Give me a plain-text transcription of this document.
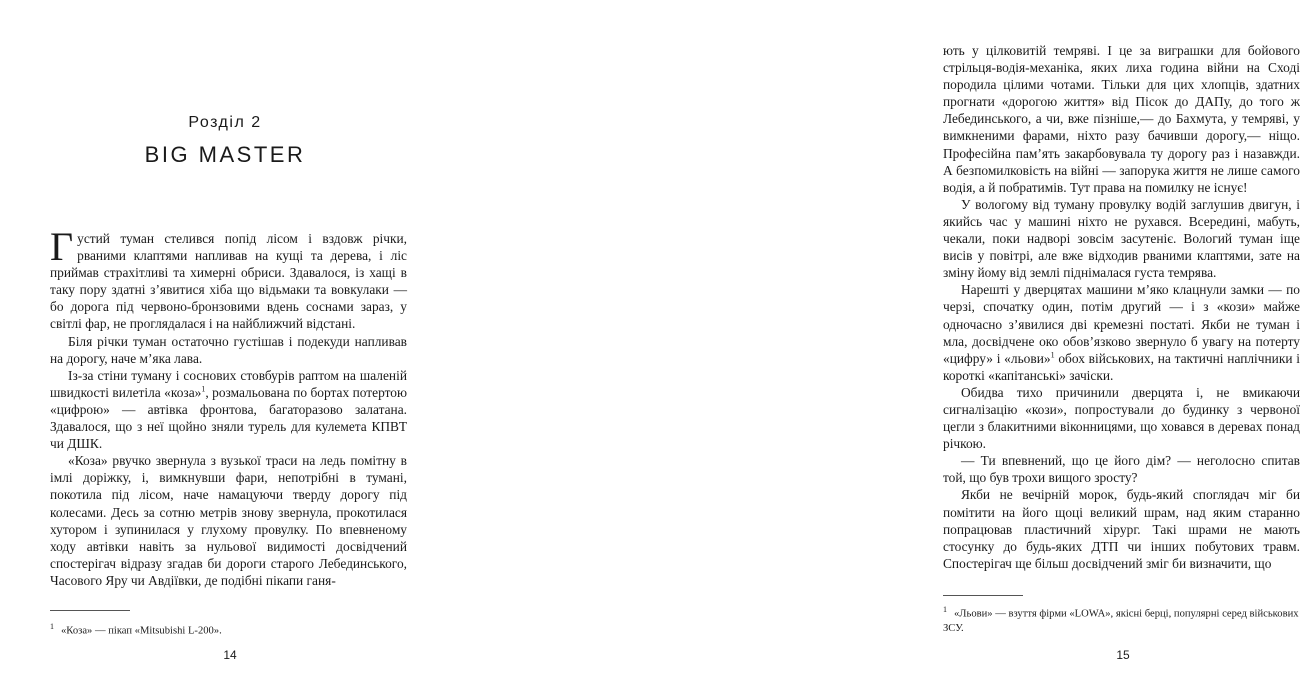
Розділ 2
BIG MASTER

Густий туман стелився попід лісом і вздовж річки, рваними клаптями напливав на кущі та дерева, і ліс приймав страхітливі та химерні обриси. Здавалося, із хащі в таку пору здатні з’явитися хіба що відьмаки та вовкулаки — бо дорога під червоно-бронзовими вдень соснами зараз, у світлі фар, не проглядалася і на найближчий відстані.

Біля річки туман остаточно густішав і подекуди напливав на дорогу, наче м’яка лава.

Із-за стіни туману і соснових стовбурів раптом на шаленій швидкості вилетіла «коза»$^1$, розмальована по бортах потертою «цифрою» — автівка фронтова, багаторазово залатана. Здавалося, що з неї щойно зняли турель для кулемета КПВТ чи ДШК.

«Коза» рвучко звернула з вузької траси на ледь помітну в імлі доріжку, і, вимкнувши фари, непотрібні в тумані, покотила під лісом, наче намацуючи тверду дорогу під колесами. Десь за сотню метрів знову звернула, прокотилася хутором і зупинилася у глухому провулку. По впевненому ходу автівки навіть за нульової видимості досвідчений спостерігач відразу згадав би дороги старого Лебединського, Часового Яру чи Авдіївки, де подібні пікапи ганя-

$^1$ «Коза» — пікап «Mitsubishi L-200».
14

ють у цілковитій темряві. І це за виграшки для бойового стрільця-водія-механіка, яких лиха година війни на Сході породила цілими чотами. Тільки для цих хлопців, здатних прогнати «дорогою життя» від Пісок до ДАПу, до того ж Лебединського, а чи, вже пізніше,— до Бахмута, у темряві, у вимкненими фарами, ніхто разу бачивши дорогу,— ніщо. Професійна пам’ять закарбовувала ту дорогу раз і назавжди. А безпомилковість на війні — запорука життя не лише самого водія, а й побратимів. Тут права на помилку не існує!

У вологому від туману провулку водій заглушив двигун, і якийсь час у машині ніхто не рухався. Всередині, мабуть, чекали, поки надворі зовсім засутеніє. Вологий туман іще висів у повітрі, але вже відходив рваними клаптями, зате на зміну йому від землі піднімалася густа темрява.

Нарешті у дверцятах машини м’яко клацнули замки — по черзі, спочатку один, потім другий — і з «кози» майже одночасно з’явилися дві кремезні постаті. Якби не туман і мла, досвідчене око обов’язково звернуло б увагу на потерту «цифру» і «льови»$^1$ обох військових, на тактичні наплічники і короткі «капітанські» зачіски.

Обидва тихо причинили дверцята і, не вмикаючи сигналізацію «кози», попростували до будинку з червоної цегли з блакитними віконницями, що ховався в деревах понад річкою.

— Ти впевнений, що це його дім? — неголосно спитав той, що був трохи вищого зросту?

Якби не вечірній морок, будь-який споглядач міг би помітити на його щоці великий шрам, над яким старанно попрацював пластичний хірург. Такі шрами не мають стосунку до будь-яких ДТП чи інших побутових травм. Спостерігач ще більш досвідчений зміг би визначити, що

$^1$ «Льови» — взуття фірми «LOWA», якісні берці, популярні серед військових ЗСУ.
15
